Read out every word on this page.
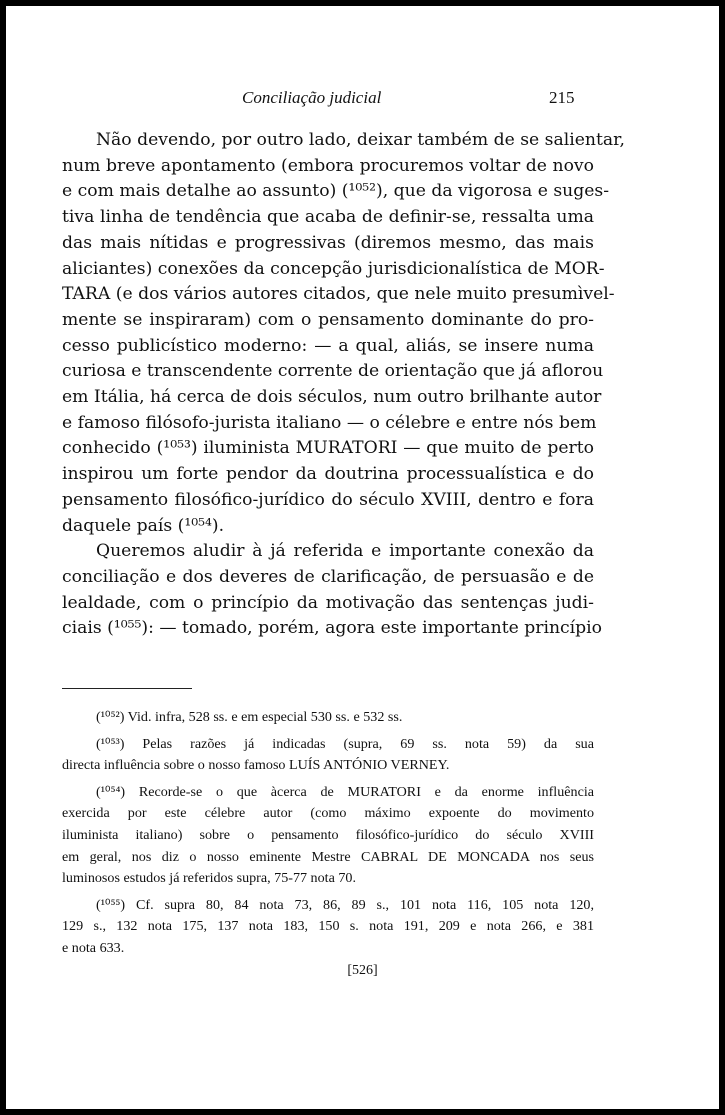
Conciliação judicial	215
Não devendo, por outro lado, deixar também de se salientar,
num breve apontamento (embora procuremos voltar de novo
e com mais detalhe ao assunto) (¹⁰⁵²), que da vigorosa e suges-
tiva linha de tendência que acaba de definir-se, ressalta uma
das mais nítidas e progressivas (diremos mesmo, das mais
aliciantes) conexões da concepção jurisdicionalística de MOR-
TARA (e dos vários autores citados, que nele muito presumìvel-
mente se inspiraram) com o pensamento dominante do pro-
cesso publicístico moderno: — a qual, aliás, se insere numa
curiosa e transcendente corrente de orientação que já aflorou
em Itália, há cerca de dois séculos, num outro brilhante autor
e famoso filósofo-jurista italiano — o célebre e entre nós bem
conhecido (¹⁰⁵³) iluminista MURATORI — que muito de perto
inspirou um forte pendor da doutrina processualística e do
pensamento filosófico-jurídico do século XVIII, dentro e fora
daquele país (¹⁰⁵⁴).
Queremos aludir à já referida e importante conexão da
conciliação e dos deveres de clarificação, de persuasão e de
lealdade, com o princípio da motivação das sentenças judi-
ciais (¹⁰⁵⁵): — tomado, porém, agora este importante princípio
(¹⁰⁵²) Vid. infra, 528 ss. e em especial 530 ss. e 532 ss.
(¹⁰⁵³) Pelas razões já indicadas (supra, 69 ss. nota 59) da sua
directa influência sobre o nosso famoso LUÍS ANTÓNIO VERNEY.
(¹⁰⁵⁴) Recorde-se o que àcerca de MURATORI e da enorme influência
exercida por este célebre autor (como máximo expoente do movimento
iluminista italiano) sobre o pensamento filosófico-jurídico do século XVIII
em geral, nos diz o nosso eminente Mestre CABRAL DE MONCADA nos seus
luminosos estudos já referidos supra, 75-77 nota 70.
(¹⁰⁵⁵) Cf. supra 80, 84 nota 73, 86, 89 s., 101 nota 116, 105 nota 120,
129 s., 132 nota 175, 137 nota 183, 150 s. nota 191, 209 e nota 266, e 381
e nota 633.
[526]
